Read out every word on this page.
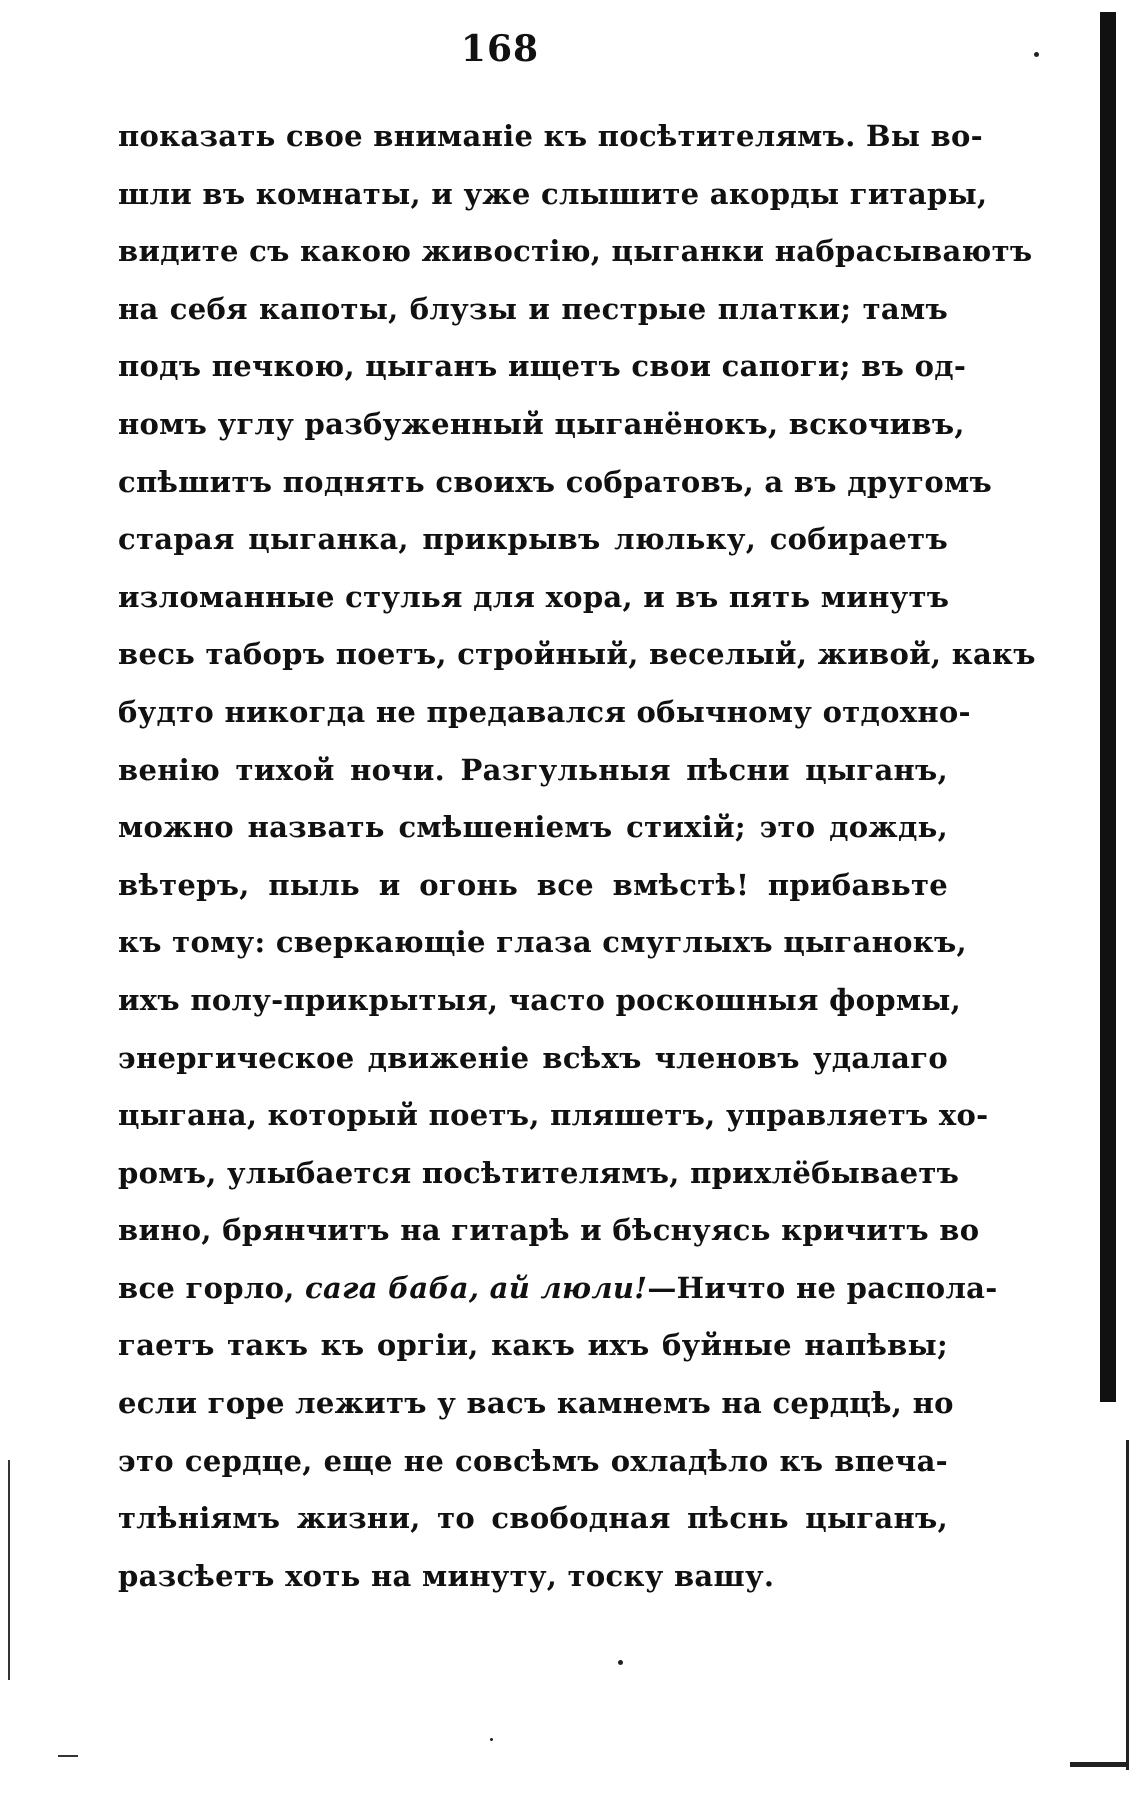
168
показать свое вниманіе къ посѣтителямъ. Вы во-
шли въ комнаты, и уже слышите акорды гитары,
видите съ какою живостію, цыганки набрасываютъ
на себя капоты, блузы и пестрые платки; тамъ
подъ печкою, цыганъ ищетъ свои сапоги; въ од-
номъ углу разбуженный цыганёнокъ, вскочивъ,
спѣшитъ поднять своихъ собратовъ, а въ другомъ
старая цыганка, прикрывъ люльку, собираетъ
изломанные стулья для хора, и въ пять минутъ
весь таборъ поетъ, стройный, веселый, живой, какъ
будто никогда не предавался обычному отдохно-
венію тихой ночи. Разгульныя пѣсни цыганъ,
можно назвать смѣшеніемъ стихій; это дождь,
вѣтеръ, пыль и огонь все вмѣстѣ! прибавьте
къ тому: сверкающіе глаза смуглыхъ цыганокъ,
ихъ полу-прикрытыя, часто роскошныя формы,
энергическое движеніе всѣхъ членовъ удалаго
цыгана, который поетъ, пляшетъ, управляетъ хо-
ромъ, улыбается посѣтителямъ, прихлёбываетъ
вино, брянчитъ на гитарѣ и бѣснуясь кричитъ во
все горло, сага баба, ай люли!—Ничто не распола-
гаетъ такъ къ оргіи, какъ ихъ буйные напѣвы;
если горе лежитъ у васъ камнемъ на сердцѣ, но
это сердце, еще не совсѣмъ охладѣло къ впеча-
тлѣніямъ жизни, то свободная пѣснь цыганъ,
разсѣетъ хоть на минуту, тоску вашу.
